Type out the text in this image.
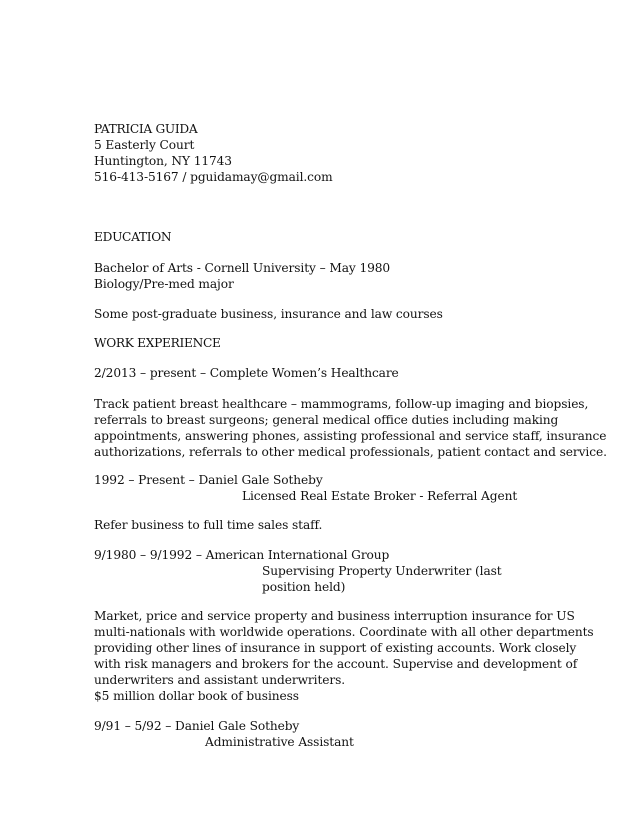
PATRICIA GUIDA
5 Easterly Court
Huntington, NY 11743
516-413-5167 / pguidamay@gmail.com
EDUCATION
Bachelor of Arts - Cornell University – May 1980
Biology/Pre-med major
Some post-graduate business, insurance and law courses
WORK EXPERIENCE
2/2013 – present – Complete Women’s Healthcare
Track patient breast healthcare – mammograms, follow-up imaging and biopsies,
referrals to breast surgeons; general medical office duties including making
appointments, answering phones, assisting professional and service staff, insurance
authorizations, referrals to other medical professionals, patient contact and service.
1992 – Present – Daniel Gale Sotheby
Licensed Real Estate Broker - Referral Agent
Refer business to full time sales staff.
9/1980 – 9/1992 – American International Group
Supervising Property Underwriter (last
position held)
Market, price and service property and business interruption insurance for US
multi-nationals with worldwide operations. Coordinate with all other departments
providing other lines of insurance in support of existing accounts. Work closely
with risk managers and brokers for the account. Supervise and development of
underwriters and assistant underwriters.
$5 million dollar book of business
9/91 – 5/92 – Daniel Gale Sotheby
Administrative Assistant
